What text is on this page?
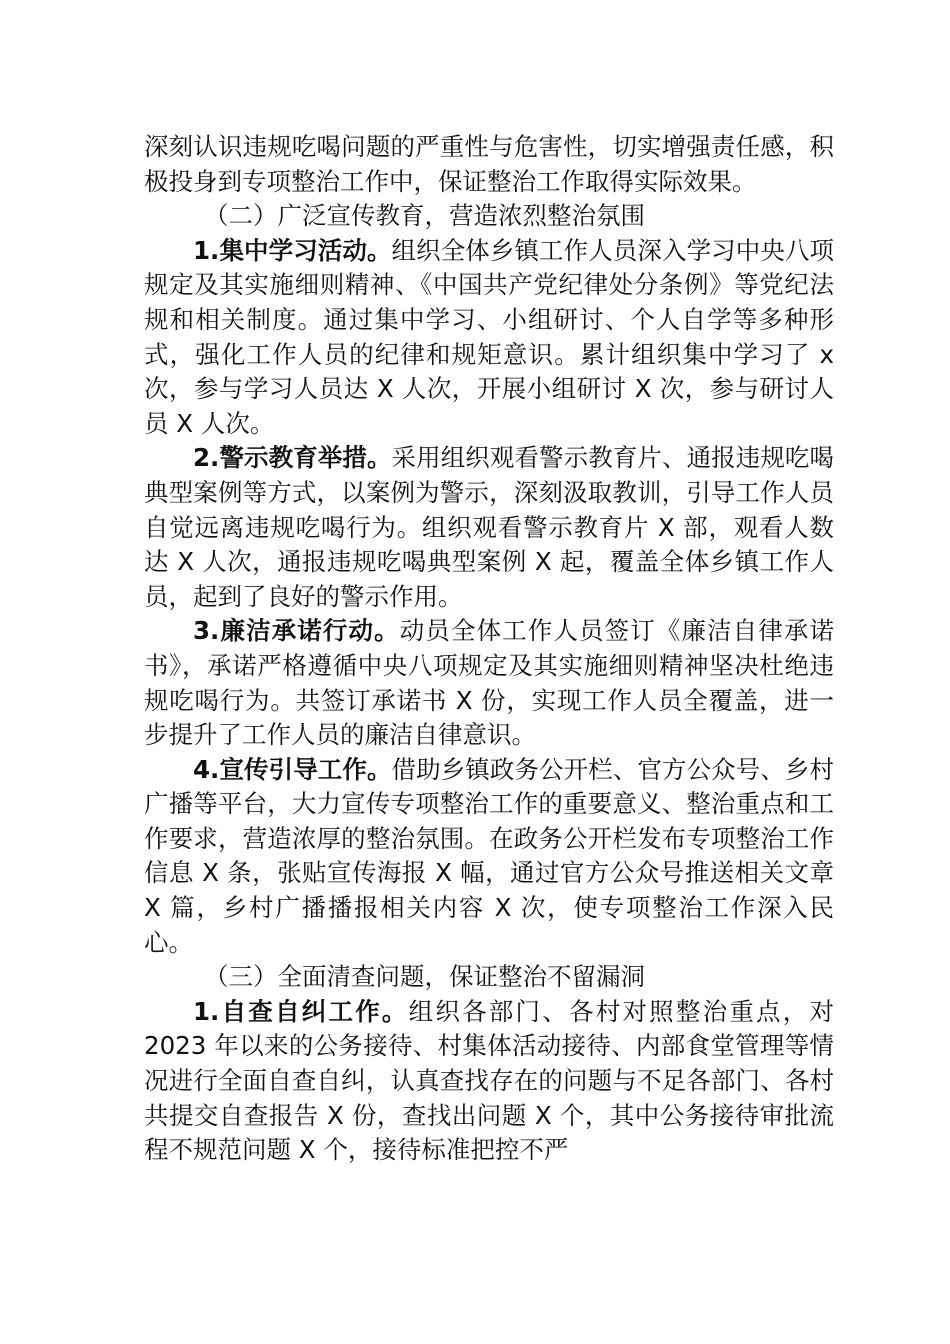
深刻认识违规吃喝问题的严重性与危害性，切实增强责任感，积极投身到专项整治工作中，保证整治工作取得实际效果。

（二）广泛宣传教育，营造浓烈整治氛围

1.集中学习活动。组织全体乡镇工作人员深入学习中央八项规定及其实施细则精神、《中国共产党纪律处分条例》等党纪法规和相关制度。通过集中学习、小组研讨、个人自学等多种形式，强化工作人员的纪律和规矩意识。累计组织集中学习了 x 次，参与学习人员达 X 人次，开展小组研讨 X 次，参与研讨人员 X 人次。

2.警示教育举措。采用组织观看警示教育片、通报违规吃喝典型案例等方式，以案例为警示，深刻汲取教训，引导工作人员自觉远离违规吃喝行为。组织观看警示教育片 X 部，观看人数达 X 人次，通报违规吃喝典型案例 X 起，覆盖全体乡镇工作人员，起到了良好的警示作用。

3.廉洁承诺行动。动员全体工作人员签订《廉洁自律承诺书》，承诺严格遵循中央八项规定及其实施细则精神坚决杜绝违规吃喝行为。共签订承诺书 X 份，实现工作人员全覆盖，进一步提升了工作人员的廉洁自律意识。

4.宣传引导工作。借助乡镇政务公开栏、官方公众号、乡村广播等平台，大力宣传专项整治工作的重要意义、整治重点和工作要求，营造浓厚的整治氛围。在政务公开栏发布专项整治工作信息 X 条，张贴宣传海报 X 幅，通过官方公众号推送相关文章 X 篇，乡村广播播报相关内容 X 次，使专项整治工作深入民心。

（三）全面清查问题，保证整治不留漏洞

1.自查自纠工作。组织各部门、各村对照整治重点，对 2023 年以来的公务接待、村集体活动接待、内部食堂管理等情况进行全面自查自纠，认真查找存在的问题与不足各部门、各村共提交自查报告 X 份，查找出问题 X 个，其中公务接待审批流程不规范问题 X 个，接待标准把控不严
